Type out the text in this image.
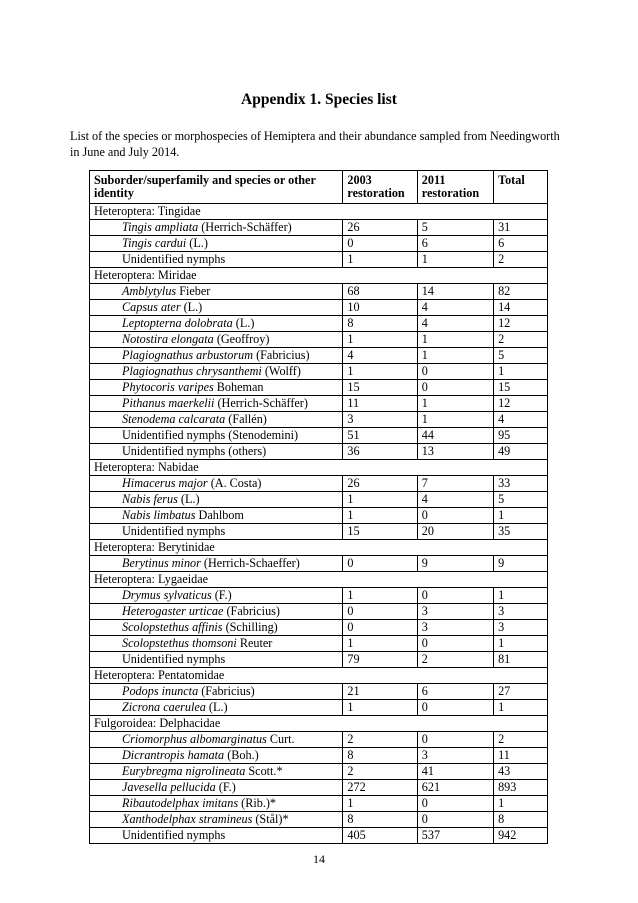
Appendix 1. Species list
List of the species or morphospecies of Hemiptera and their abundance sampled from Needingworth in June and July 2014.
Suborder/superfamily and species or other identity	2003 restoration	2011 restoration	Total
Heteroptera: Tingidae			
Tingis ampliata (Herrich-Schäffer)	26	5	31
Tingis cardui (L.)	0	6	6
Unidentified nymphs	1	1	2
Heteroptera: Miridae			
Amblytylus Fieber	68	14	82
Capsus ater (L.)	10	4	14
Leptopterna dolobrata (L.)	8	4	12
Notostira elongata (Geoffroy)	1	1	2
Plagiognathus arbustorum (Fabricius)	4	1	5
Plagiognathus chrysanthemi (Wolff)	1	0	1
Phytocoris varipes Boheman	15	0	15
Pithanus maerkelii (Herrich-Schäffer)	11	1	12
Stenodema calcarata (Fallén)	3	1	4
Unidentified nymphs (Stenodemini)	51	44	95
Unidentified nymphs (others)	36	13	49
Heteroptera: Nabidae			
Himacerus major (A. Costa)	26	7	33
Nabis ferus (L.)	1	4	5
Nabis limbatus Dahlbom	1	0	1
Unidentified nymphs	15	20	35
Heteroptera: Berytinidae			
Berytinus minor (Herrich-Schaeffer)	0	9	9
Heteroptera: Lygaeidae			
Drymus sylvaticus (F.)	1	0	1
Heterogaster urticae (Fabricius)	0	3	3
Scolopstethus affinis (Schilling)	0	3	3
Scolopstethus thomsoni Reuter	1	0	1
Unidentified nymphs	79	2	81
Heteroptera: Pentatomidae			
Podops inuncta (Fabricius)	21	6	27
Zicrona caerulea (L.)	1	0	1
Fulgoroidea: Delphacidae			
Criomorphus albomarginatus Curt.	2	0	2
Dicrantropis hamata (Boh.)	8	3	11
Eurybregma nigrolineata Scott.*	2	41	43
Javesella pellucida (F.)	272	621	893
Ribautodelphax imitans (Rib.)*	1	0	1
Xanthodelphax stramineus (Stål)*	8	0	8
Unidentified nymphs	405	537	942
14
